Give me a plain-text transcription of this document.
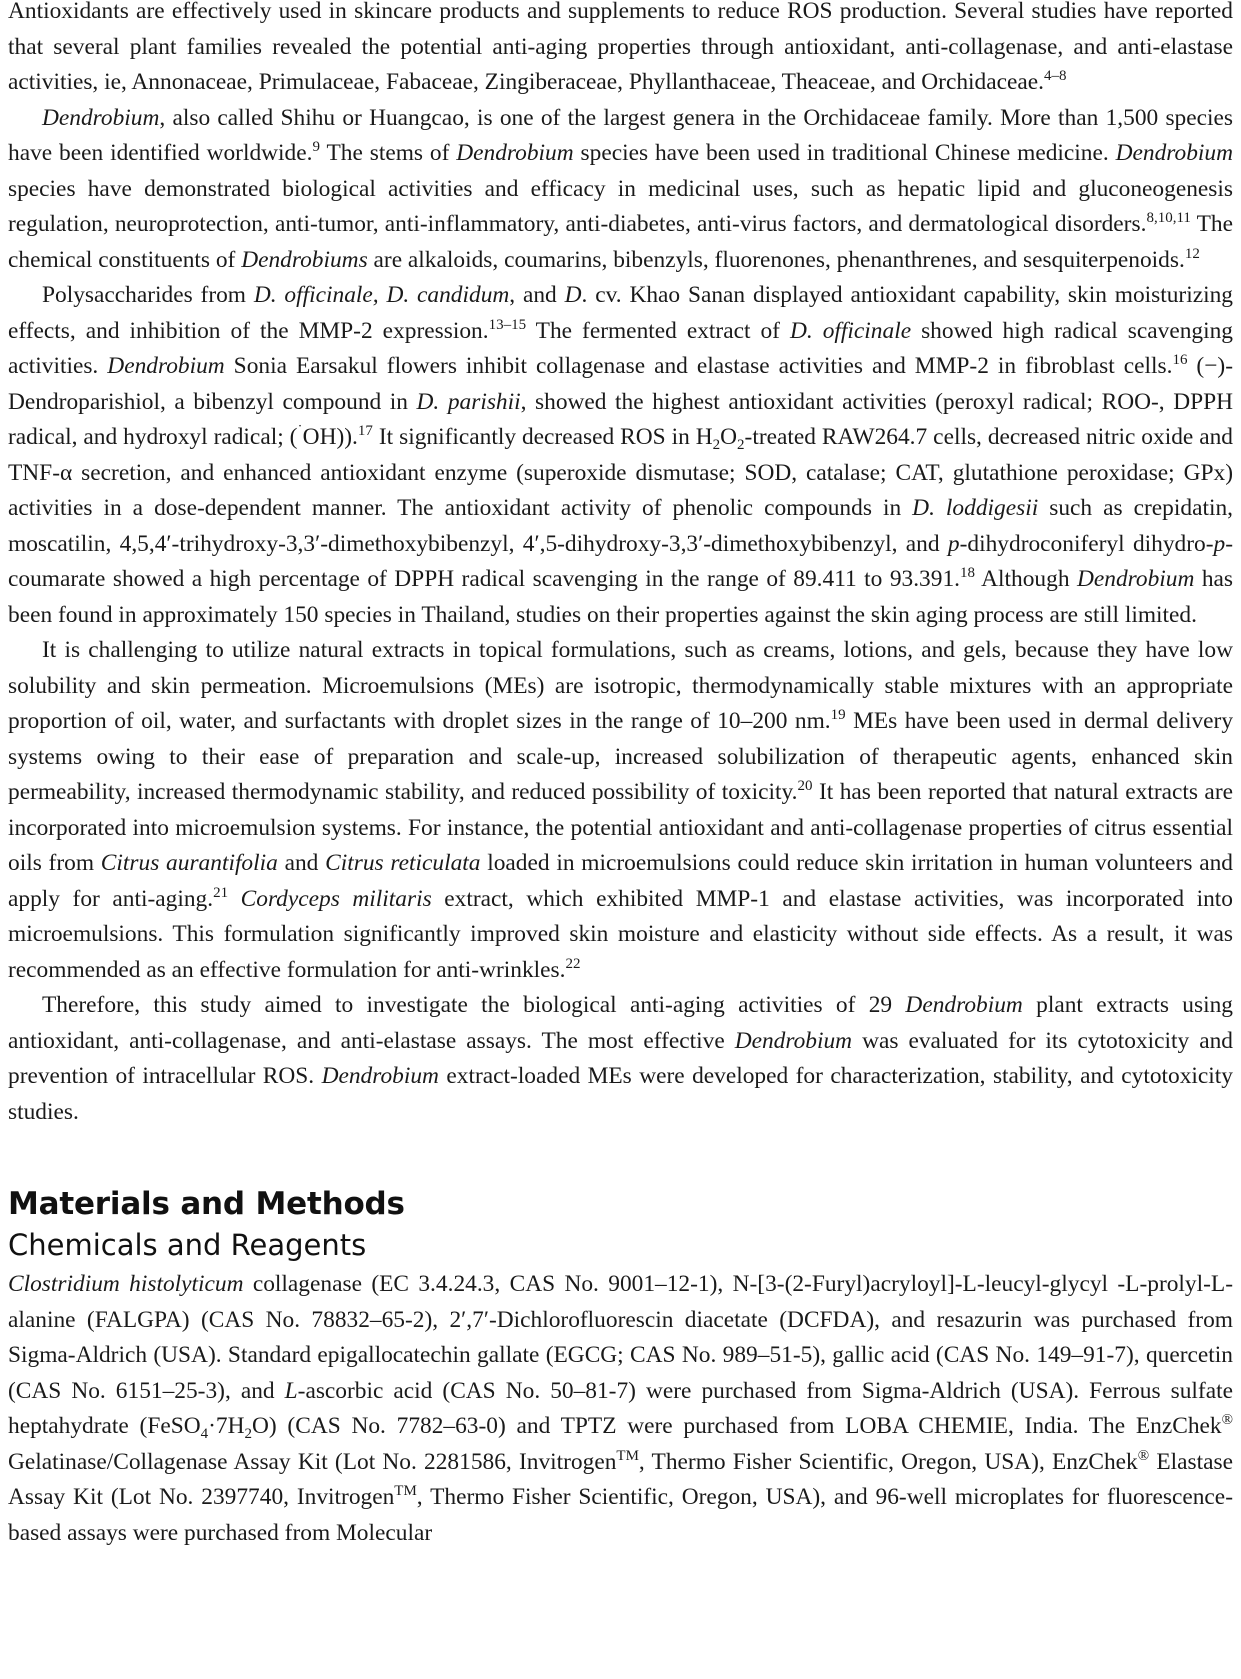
Antioxidants are effectively used in skincare products and supplements to reduce ROS production. Several studies have reported that several plant families revealed the potential anti-aging properties through antioxidant, anti-collagenase, and anti-elastase activities, ie, Annonaceae, Primulaceae, Fabaceae, Zingiberaceae, Phyllanthaceae, Theaceae, and Orchidaceae.$^{4-8}$

Dendrobium, also called Shihu or Huangcao, is one of the largest genera in the Orchidaceae family. More than 1,500 species have been identified worldwide.$^9$ The stems of Dendrobium species have been used in traditional Chinese medicine. Dendrobium species have demonstrated biological activities and efficacy in medicinal uses, such as hepatic lipid and gluconeogenesis regulation, neuroprotection, anti-tumor, anti-inflammatory, anti-diabetes, anti-virus factors, and dermatological disorders.$^{8,10,11}$ The chemical constituents of Dendrobiums are alkaloids, coumarins, bibenzyls, fluorenones, phenanthrenes, and sesquiterpenoids.$^{12}$

Polysaccharides from D. officinale, D. candidum, and D. cv. Khao Sanan displayed antioxidant capability, skin moisturizing effects, and inhibition of the MMP-2 expression.$^{13-15}$ The fermented extract of D. officinale showed high radical scavenging activities. Dendrobium Sonia Earsakul flowers inhibit collagenase and elastase activities and MMP-2 in fibroblast cells.$^{16}$ (−)-Dendroparishiol, a bibenzyl compound in D. parishii, showed the highest antioxidant activities (peroxyl radical; ROO-, DPPH radical, and hydroxyl radical; (˙OH)).$^{17}$ It significantly decreased ROS in $H_2O_2$-treated RAW264.7 cells, decreased nitric oxide and TNF-α secretion, and enhanced antioxidant enzyme (superoxide dismutase; SOD, catalase; CAT, glutathione peroxidase; GPx) activities in a dose-dependent manner. The antioxidant activity of phenolic compounds in D. loddigesii such as crepidatin, moscatilin, 4,5,4′-trihydroxy-3,3′-dimethoxybibenzyl, 4′,5-dihydroxy-3,3′-dimethoxybibenzyl, and p-dihydroconiferyl dihydro-p-coumarate showed a high percentage of DPPH radical scavenging in the range of 89.411 to 93.391.18 Although Dendrobium has been found in approximately 150 species in Thailand, studies on their properties against the skin aging process are still limited.

It is challenging to utilize natural extracts in topical formulations, such as creams, lotions, and gels, because they have low solubility and skin permeation. Microemulsions (MEs) are isotropic, thermodynamically stable mixtures with an appropriate proportion of oil, water, and surfactants with droplet sizes in the range of 10–200 nm.$^{19}$ MEs have been used in dermal delivery systems owing to their ease of preparation and scale-up, increased solubilization of therapeutic agents, enhanced skin permeability, increased thermodynamic stability, and reduced possibility of toxicity.$^{20}$ It has been reported that natural extracts are incorporated into microemulsion systems. For instance, the potential antioxidant and anti-collagenase properties of citrus essential oils from Citrus aurantifolia and Citrus reticulata loaded in microemulsions could reduce skin irritation in human volunteers and apply for anti-aging.$^{21}$ Cordyceps militaris extract, which exhibited MMP-1 and elastase activities, was incorporated into microemulsions. This formulation significantly improved skin moisture and elasticity without side effects. As a result, it was recommended as an effective formulation for anti-wrinkles.$^{22}$

Therefore, this study aimed to investigate the biological anti-aging activities of 29 Dendrobium plant extracts using antioxidant, anti-collagenase, and anti-elastase assays. The most effective Dendrobium was evaluated for its cytotoxicity and prevention of intracellular ROS. Dendrobium extract-loaded MEs were developed for characterization, stability, and cytotoxicity studies.

Materials and Methods
Chemicals and Reagents

Clostridium histolyticum collagenase (EC 3.4.24.3, CAS No. 9001–12-1), N-[3-(2-Furyl)acryloyl]-L-leucyl-glycyl -L-prolyl-L-alanine (FALGPA) (CAS No. 78832–65-2), 2′,7′-Dichlorofluorescin diacetate (DCFDA), and resazurin was purchased from Sigma-Aldrich (USA). Standard epigallocatechin gallate (EGCG; CAS No. 989–51-5), gallic acid (CAS No. 149–91-7), quercetin (CAS No. 6151–25-3), and L-ascorbic acid (CAS No. 50–81-7) were purchased from Sigma-Aldrich (USA). Ferrous sulfate heptahydrate $(FeSO_4\cdot 7H_2O)$ (CAS No. 7782–63-0) and TPTZ were purchased from LOBA CHEMIE, India. The EnzChek® Gelatinase/Collagenase Assay Kit (Lot No. 2281586, Invitrogen™, Thermo Fisher Scientific, Oregon, USA), EnzChek® Elastase Assay Kit (Lot No. 2397740, Invitrogen™, Thermo Fisher Scientific, Oregon, USA), and 96-well microplates for fluorescence-based assays were purchased from Molecular
